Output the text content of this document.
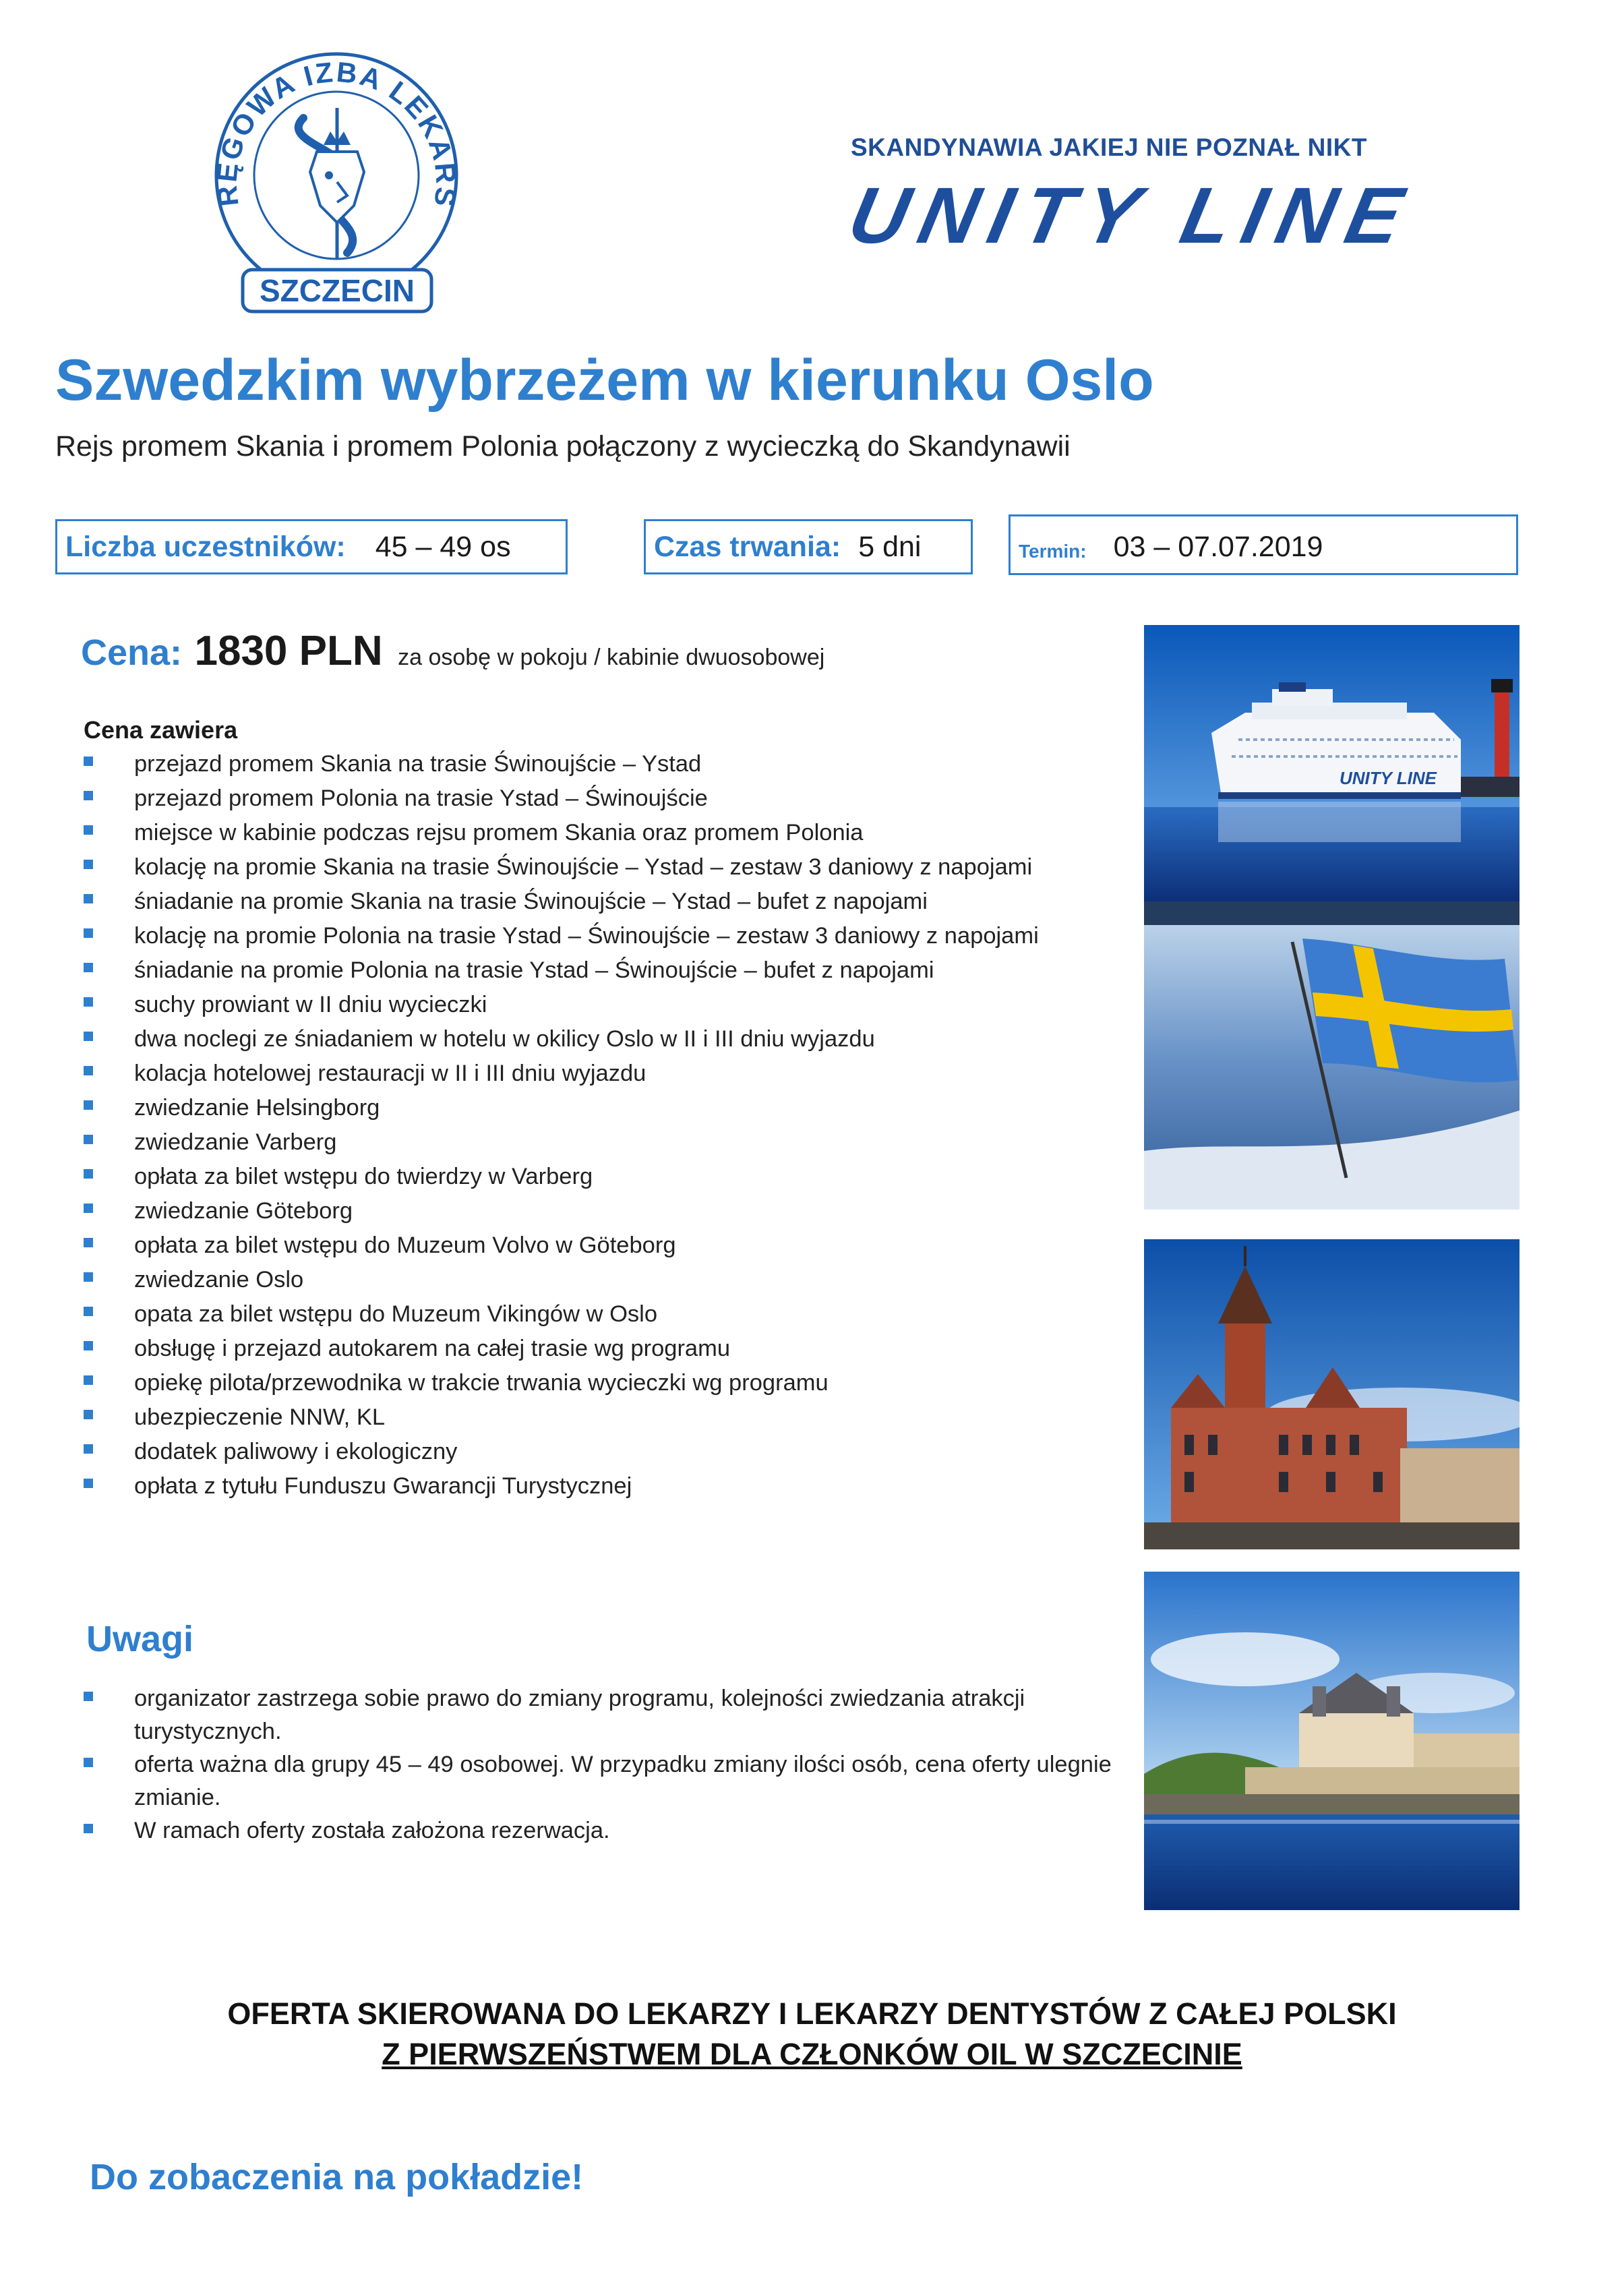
RĘGOWA IZBA LEKARS
SZCZECIN
SKANDYNAWIA JAKIEJ NIE POZNAŁ NIKT
UNITY LINE
Szwedzkim wybrzeżem w kierunku Oslo
Rejs promem Skania i promem Polonia połączony z wycieczką do Skandynawii
Liczba uczestników: 45 – 49 os	Czas trwania: 5 dni	Termin: 03 – 07.07.2019
Cena: 1830 PLN za osobę w pokoju / kabinie dwuosobowej
Cena zawiera
przejazd promem Skania na trasie Świnoujście – Ystad
przejazd promem Polonia na trasie Ystad – Świnoujście
miejsce w kabinie podczas rejsu promem Skania oraz promem Polonia
kolację na promie Skania na trasie Świnoujście – Ystad – zestaw 3 daniowy z napojami
śniadanie na promie Skania na trasie Świnoujście – Ystad – bufet z napojami
kolację na promie Polonia na trasie Ystad – Świnoujście – zestaw 3 daniowy z napojami
śniadanie na promie Polonia na trasie Ystad – Świnoujście – bufet z napojami
suchy prowiant w II dniu wycieczki
dwa noclegi ze śniadaniem w hotelu w okilicy Oslo w II i III dniu wyjazdu
kolacja hotelowej restauracji w II i III dniu wyjazdu
zwiedzanie Helsingborg
zwiedzanie Varberg
opłata za bilet wstępu do twierdzy w Varberg
zwiedzanie Göteborg
opłata za bilet wstępu do Muzeum Volvo w Göteborg
zwiedzanie Oslo
opata za bilet wstępu do Muzeum Vikingów w Oslo
obsługę i przejazd autokarem na całej trasie wg programu
opiekę pilota/przewodnika w trakcie trwania wycieczki wg programu
ubezpieczenie NNW, KL
dodatek paliwowy i ekologiczny
opłata z tytułu Funduszu Gwarancji Turystycznej
Uwagi
organizator zastrzega sobie prawo do zmiany programu, kolejności zwiedzania atrakcji turystycznych.
oferta ważna dla grupy 45 – 49 osobowej. W przypadku zmiany ilości osób, cena oferty ulegnie zmianie.
W ramach oferty została założona rezerwacja.
OFERTA SKIEROWANA DO LEKARZY I LEKARZY DENTYSTÓW Z CAŁEJ POLSKI
Z PIERWSZEŃSTWEM DLA CZŁONKÓW OIL W SZCZECINIE
Do zobaczenia na pokładzie!
UNITY LINE
